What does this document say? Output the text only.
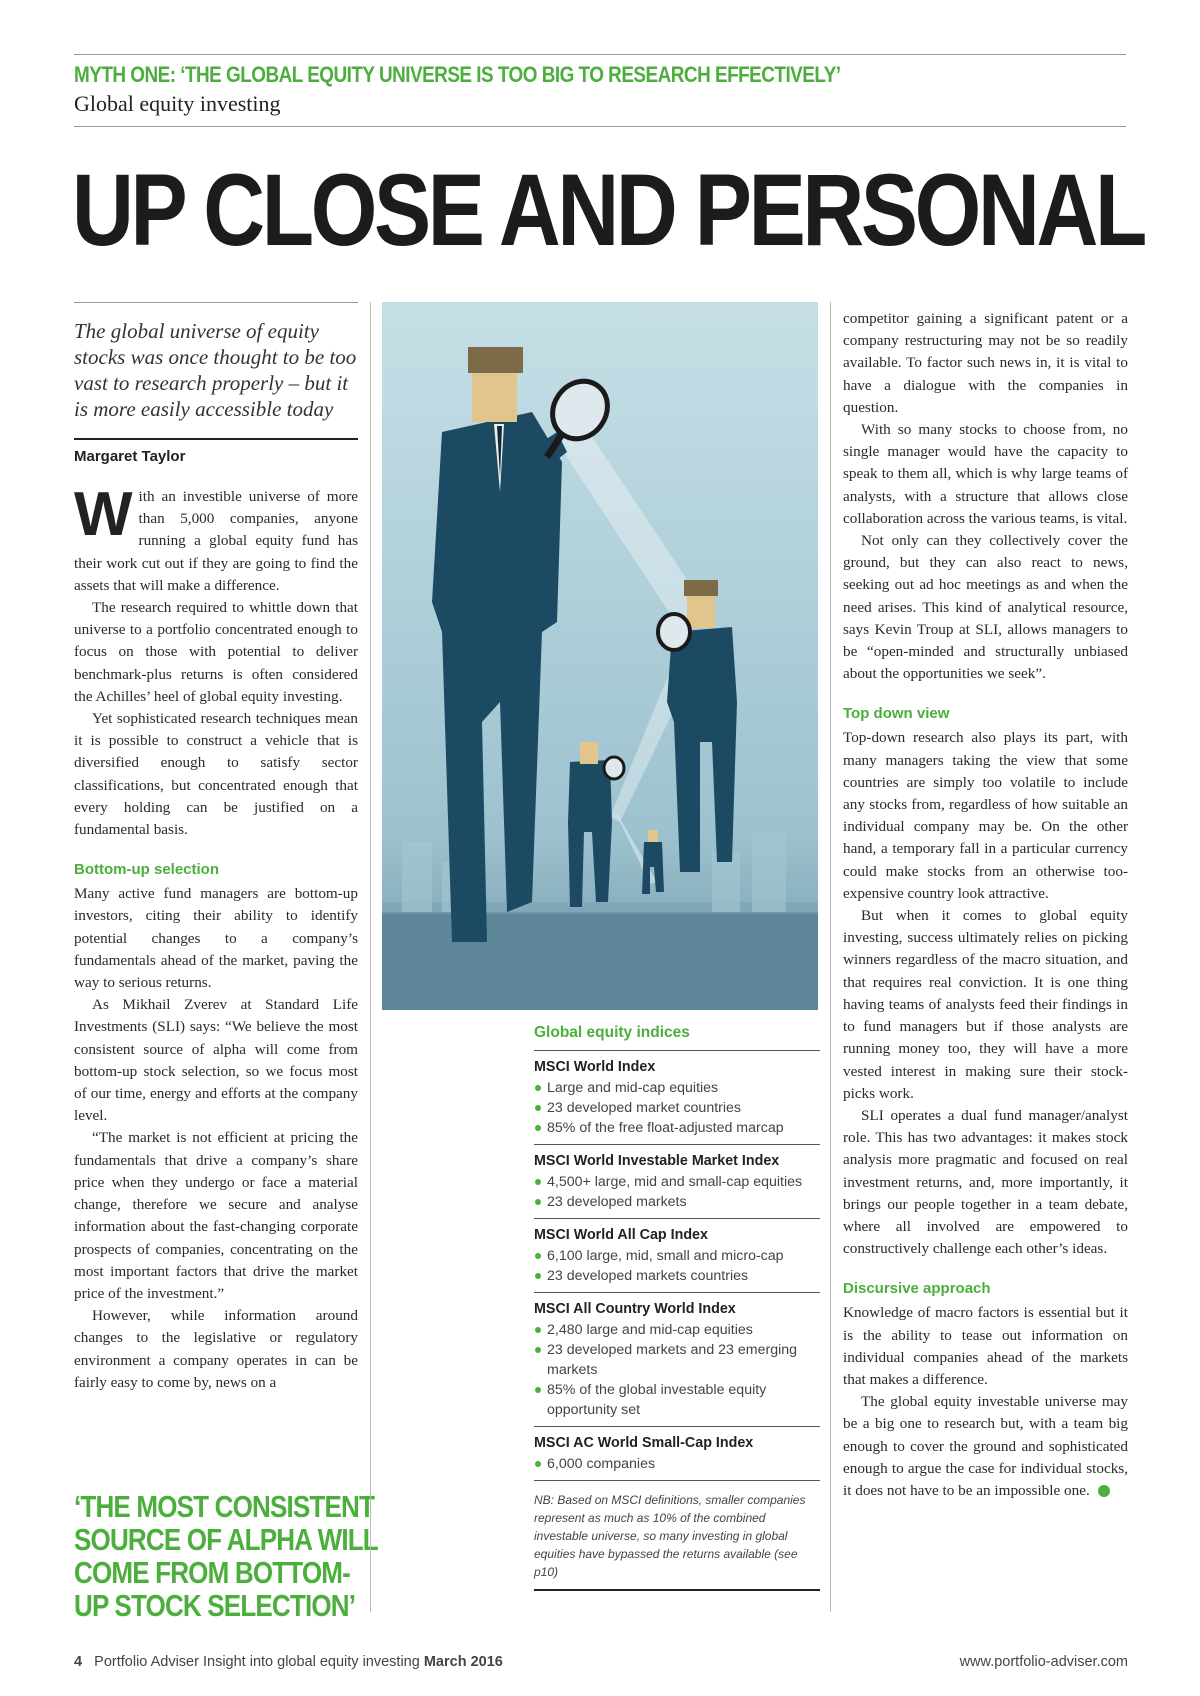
MYTH ONE: ‘THE GLOBAL EQUITY UNIVERSE IS TOO BIG TO RESEARCH EFFECTIVELY’
Global equity investing
UP CLOSE AND PERSONAL
The global universe of equity stocks was once thought to be too vast to research properly – but it is more easily accessible today
Margaret Taylor

With an investible universe of more than 5,000 companies, anyone running a global equity fund has their work cut out if they are going to find the assets that will make a difference.

The research required to whittle down that universe to a portfolio concentrated enough to focus on those with potential to deliver benchmark-plus returns is often considered the Achilles’ heel of global equity investing.

Yet sophisticated research techniques mean it is possible to construct a vehicle that is diversified enough to satisfy sector classifications, but concentrated enough that every holding can be justified on a fundamental basis.

Bottom-up selection

Many active fund managers are bottom-up investors, citing their ability to identify potential changes to a company’s fundamentals ahead of the market, paving the way to serious returns.

As Mikhail Zverev at Standard Life Investments (SLI) says: “We believe the most consistent source of alpha will come from bottom-up stock selection, so we focus most of our time, energy and efforts at the company level.

“The market is not efficient at pricing the fundamentals that drive a company’s share price when they undergo or face a material change, therefore we secure and analyse information about the fast-changing corporate prospects of companies, concentrating on the most important factors that drive the market price of the investment.”

However, while information around changes to the legislative or regulatory environment a company operates in can be fairly easy to come by, news on a

‘THE MOST CONSISTENT
SOURCE OF ALPHA WILL
COME FROM BOTTOM-
UP STOCK SELECTION’
Global equity indices
MSCI World Index
Large and mid-cap equities
23 developed market countries
85% of the free float-adjusted marcap
MSCI World Investable Market Index
4,500+ large, mid and small-cap equities
23 developed markets
MSCI World All Cap Index
6,100 large, mid, small and micro-cap
23 developed markets countries
MSCI All Country World Index
2,480 large and mid-cap equities
23 developed markets and 23 emerging markets
85% of the global investable equity opportunity set
MSCI AC World Small-Cap Index
6,000 companies
NB: Based on MSCI definitions, smaller companies represent as much as 10% of the combined investable universe, so many investing in global equities have bypassed the returns available (see p10)

competitor gaining a significant patent or a company restructuring may not be so readily available. To factor such news in, it is vital to have a dialogue with the companies in question.

With so many stocks to choose from, no single manager would have the capacity to speak to them all, which is why large teams of analysts, with a structure that allows close collaboration across the various teams, is vital.

Not only can they collectively cover the ground, but they can also react to news, seeking out ad hoc meetings as and when the need arises. This kind of analytical resource, says Kevin Troup at SLI, allows managers to be “open-minded and structurally unbiased about the opportunities we seek”.

Top down view

Top-down research also plays its part, with many managers taking the view that some countries are simply too volatile to include any stocks from, regardless of how suitable an individual company may be. On the other hand, a temporary fall in a particular currency could make stocks from an otherwise too-expensive country look attractive.

But when it comes to global equity investing, success ultimately relies on picking winners regardless of the macro situation, and that requires real conviction. It is one thing having teams of analysts feed their findings in to fund managers but if those analysts are running money too, they will have a more vested interest in making sure their stock-picks work.

SLI operates a dual fund manager/analyst role. This has two advantages: it makes stock analysis more pragmatic and focused on real investment returns, and, more importantly, it brings our people together in a team debate, where all involved are empowered to constructively challenge each other’s ideas.

Discursive approach

Knowledge of macro factors is essential but it is the ability to tease out information on individual companies ahead of the markets that makes a difference.

The global equity investable universe may be a big one to research but, with a team big enough to cover the ground and sophisticated enough to argue the case for individual stocks, it does not have to be an impossible one.

4 Portfolio Adviser Insight into global equity investing March 2016	www.portfolio-adviser.com
